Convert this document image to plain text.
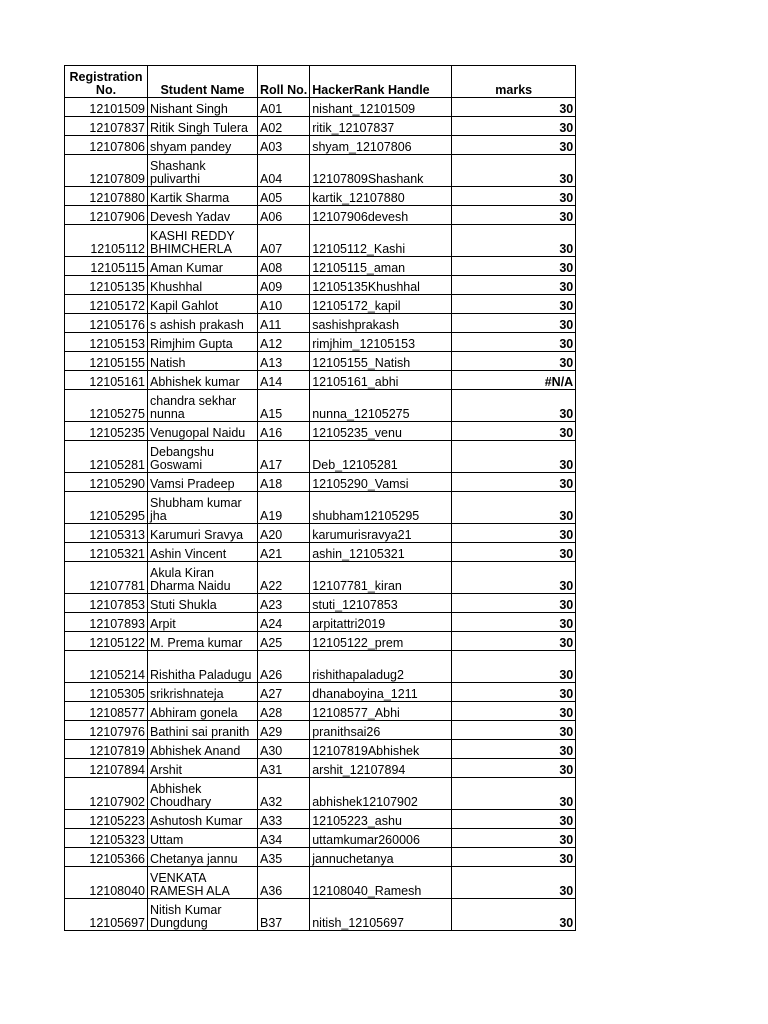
Registration No.	Student Name	Roll No.	HackerRank Handle	marks
12101509	Nishant Singh	A01	nishant_12101509	30
12107837	Ritik Singh Tulera	A02	ritik_12107837	30
12107806	shyam pandey	A03	shyam_12107806	30
12107809	Shashank pulivarthi	A04	12107809Shashank	30
12107880	Kartik Sharma	A05	kartik_12107880	30
12107906	Devesh Yadav	A06	12107906devesh	30
12105112	KASHI REDDY BHIMCHERLA	A07	12105112_Kashi	30
12105115	Aman Kumar	A08	12105115_aman	30
12105135	Khushhal	A09	12105135Khushhal	30
12105172	Kapil Gahlot	A10	12105172_kapil	30
12105176	s ashish prakash	A11	sashishprakash	30
12105153	Rimjhim Gupta	A12	rimjhim_12105153	30
12105155	Natish	A13	12105155_Natish	30
12105161	Abhishek kumar	A14	12105161_abhi	#N/A
12105275	chandra sekhar nunna	A15	nunna_12105275	30
12105235	Venugopal Naidu	A16	12105235_venu	30
12105281	Debangshu Goswami	A17	Deb_12105281	30
12105290	Vamsi Pradeep	A18	12105290_Vamsi	30
12105295	Shubham kumar jha	A19	shubham12105295	30
12105313	Karumuri Sravya	A20	karumurisravya21	30
12105321	Ashin Vincent	A21	ashin_12105321	30
12107781	Akula Kiran Dharma Naidu	A22	12107781_kiran	30
12107853	Stuti Shukla	A23	stuti_12107853	30
12107893	Arpit	A24	arpitattri2019	30
12105122	M. Prema kumar	A25	12105122_prem	30
12105214	Rishitha Paladugu	A26	rishithapaladug2	30
12105305	srikrishnateja	A27	dhanaboyina_1211	30
12108577	Abhiram gonela	A28	12108577_Abhi	30
12107976	Bathini sai pranith	A29	pranithsai26	30
12107819	Abhishek Anand	A30	12107819Abhishek	30
12107894	Arshit	A31	arshit_12107894	30
12107902	Abhishek Choudhary	A32	abhishek12107902	30
12105223	Ashutosh Kumar	A33	12105223_ashu	30
12105323	Uttam	A34	uttamkumar260006	30
12105366	Chetanya jannu	A35	jannuchetanya	30
12108040	VENKATA RAMESH ALA	A36	12108040_Ramesh	30
12105697	Nitish Kumar Dungdung	B37	nitish_12105697	30
